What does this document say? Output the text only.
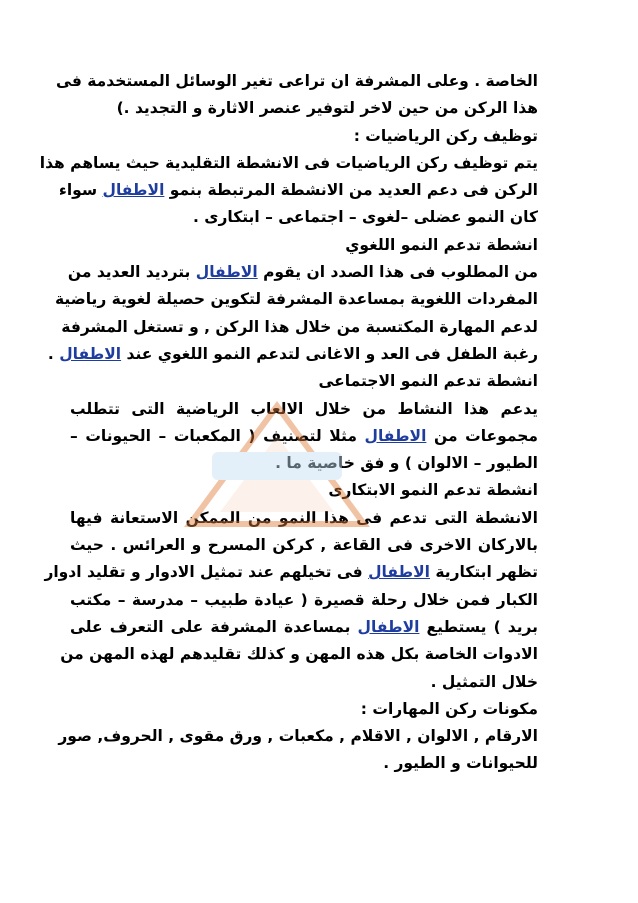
الخاصة . وعلى المشرفة ان تراعى تغير الوسائل المستخدمة فى
هذا الركن من حين لاخر لتوفير عنصر الاثارة و التجديد .)
توظيف ركن الرياضيات :
يتم توظيف ركن الرياضيات فى الانشطة التقليدية حيث يساهم هذا
الركن فى دعم العديد من الانشطة المرتبطة بنمو الاطفال سواء
كان النمو عضلى –لغوى – اجتماعى – ابتكارى .
انشطة تدعم النمو اللغوي
من المطلوب فى هذا الصدد ان يقوم الاطفال بترديد العديد من
المفردات اللغوية بمساعدة المشرفة لتكوين حصيلة لغوية رياضية
لدعم المهارة المكتسبة من خلال هذا الركن , و تستغل المشرفة
رغبة الطفل فى العد و الاغانى لتدعم النمو اللغوي عند الاطفال .
انشطة تدعم النمو الاجتماعى
يدعم هذا النشاط من خلال الالعاب الرياضية التى تتطلب
مجموعات من الاطفال مثلا لتصنيف ( المكعبات – الحيونات –
الطيور – الالوان ) و فق خاصية ما .
انشطة تدعم النمو الابتكارى
الانشطة التى تدعم فى هذا النمو من الممكن الاستعانة فيها
بالاركان الاخرى فى القاعة , كركن المسرح و العرائس . حيث
تظهر ابتكارية الاطفال فى تخيلهم عند تمثيل الادوار و تقليد ادوار
الكبار فمن خلال رحلة قصيرة ( عيادة طبيب – مدرسة – مكتب
بريد ) يستطيع الاطفال بمساعدة المشرفة على التعرف على
الادوات الخاصة بكل هذه المهن و كذلك تقليدهم لهذه المهن من
خلال التمثيل .
مكونات ركن المهارات :
الارقام , الالوان , الاقلام , مكعبات , ورق مقوى , الحروف, صور
للحيوانات و الطيور .
